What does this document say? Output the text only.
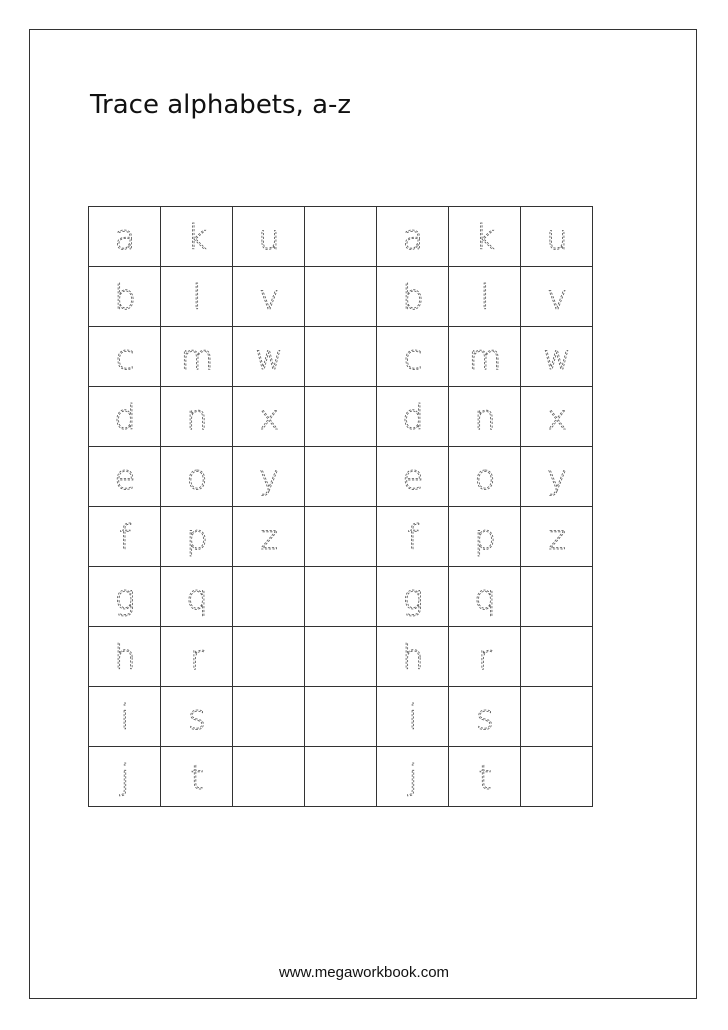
Trace alphabets, a-z
a	k	u		a	k	u

b	l	v		b	l	v

c	m	w		c	m	w

d	n	x		d	n	x

e	o	y		e	o	y

f	p	z		f	p	z

g	q			g	q	

h	r			h	r	

i	s			i	s	

j	t			j	t	

www.megaworkbook.com
